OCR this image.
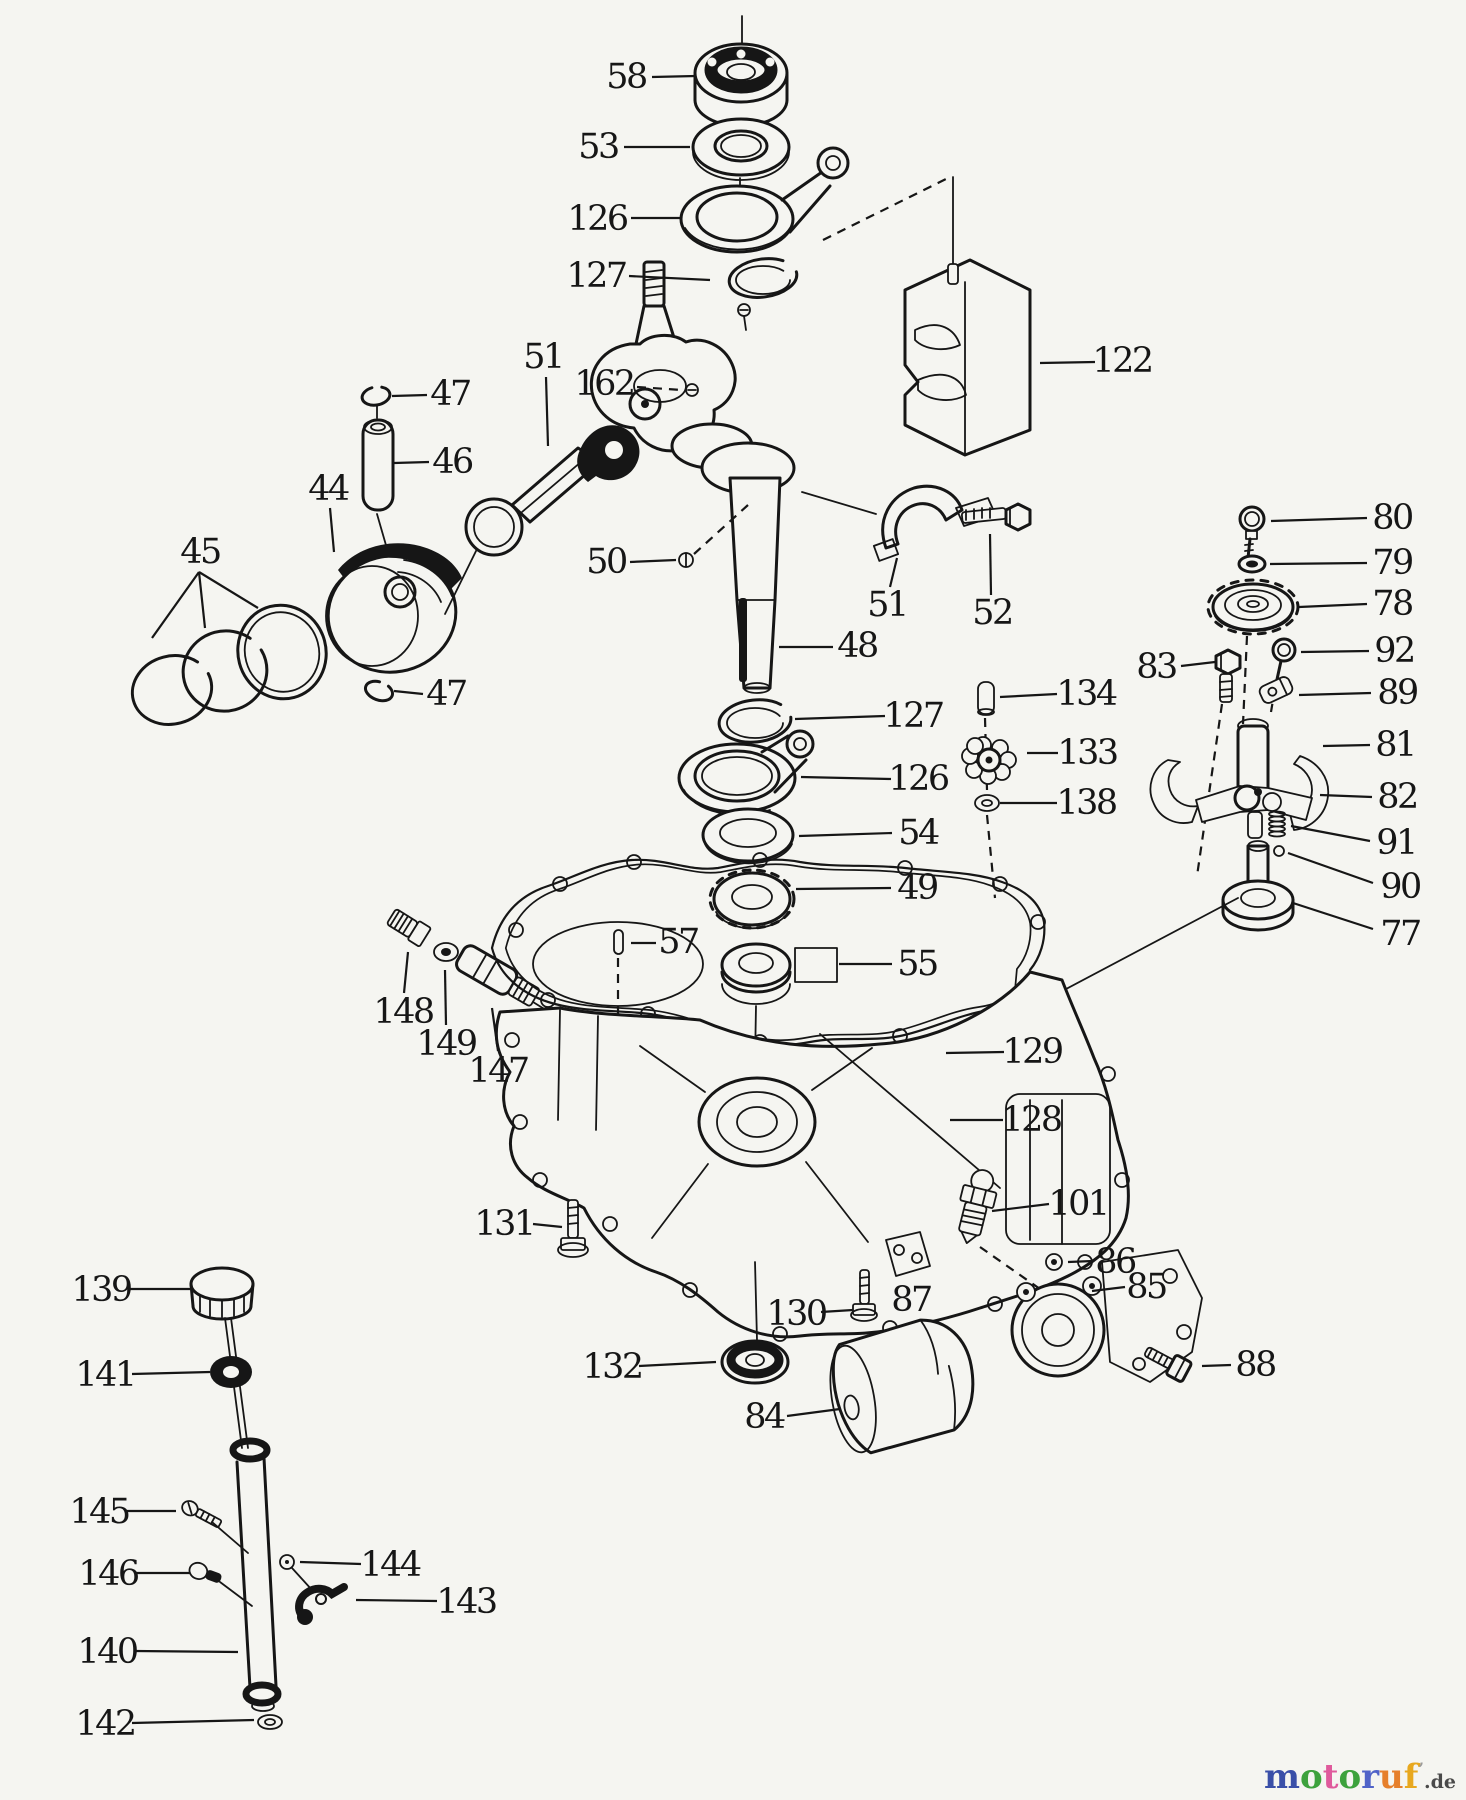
58
53
126
127
122
51
162
47
46
44
45
47
50
48
51 52
134
133
138
83
80
79
78
92
89
81
82
91
90
77
127
126
54
49
57
55
148
149
147	129
128
101
86
85
88
87
130
132
84
131
139
141
145
146	144
143
140
142
motoruf’.de
